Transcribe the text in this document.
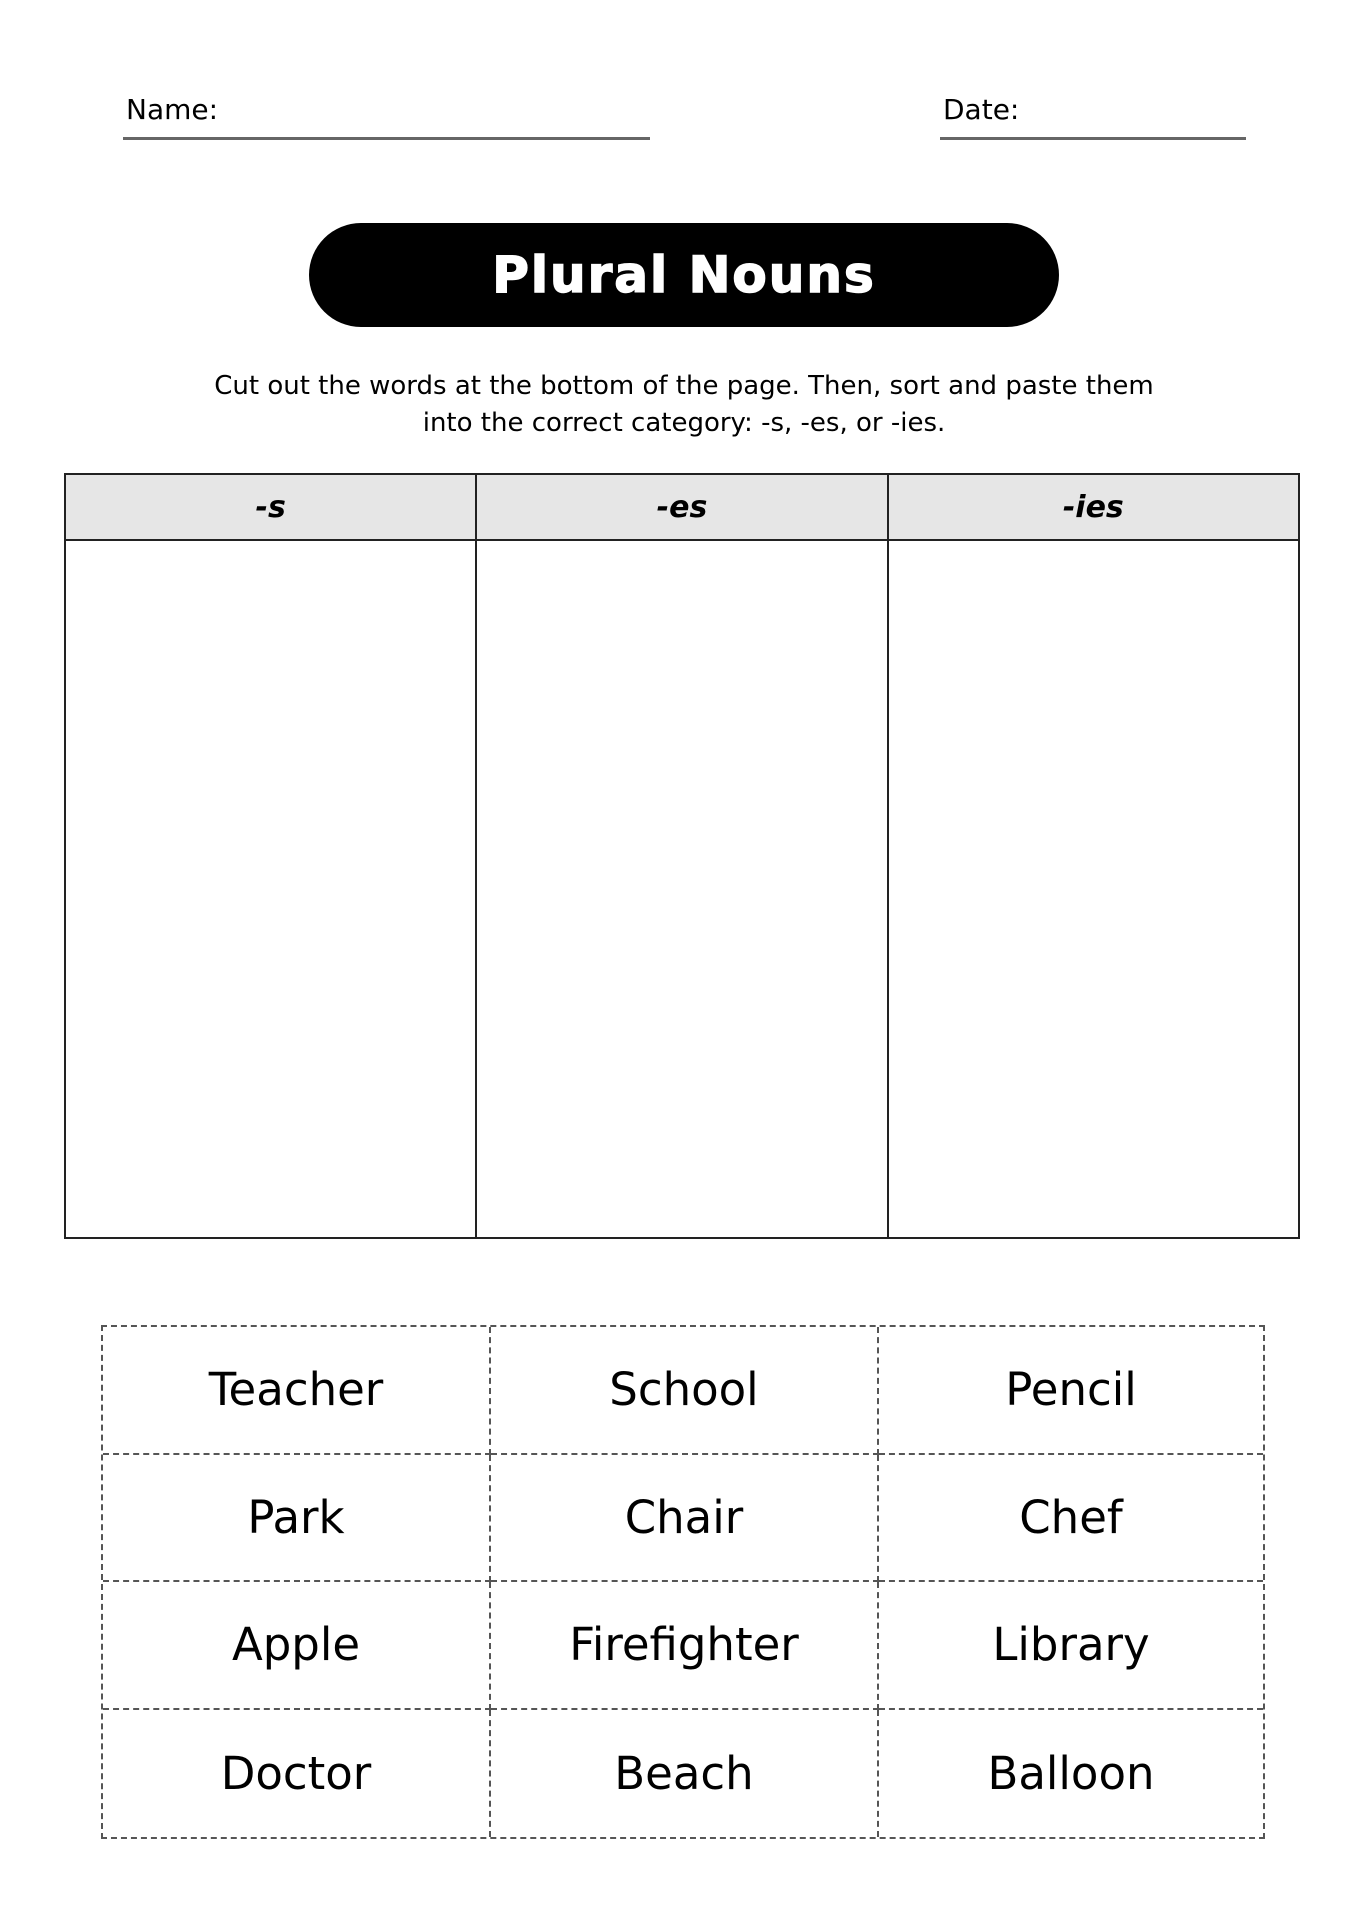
Name:	Date:
Plural Nouns
Cut out the words at the bottom of the page. Then, sort and paste them
into the correct category: -s, -es, or -ies.
-s	-es	-ies
Teacher	School	Pencil
Park	Chair	Chef
Apple	Firefighter	Library
Doctor	Beach	Balloon
